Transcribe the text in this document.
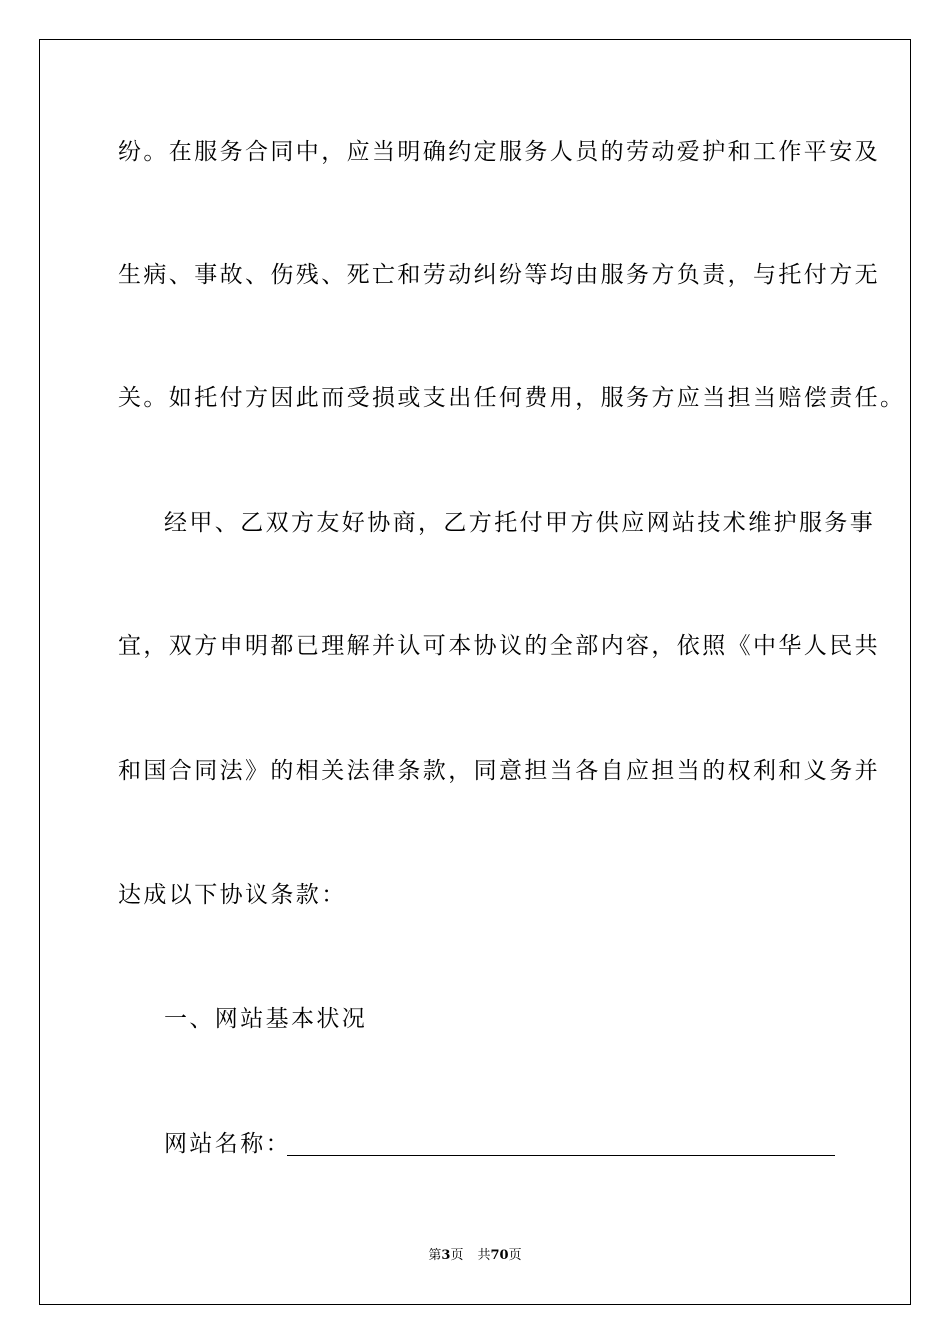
纷。在服务合同中，应当明确约定服务人员的劳动爱护和工作平安及
生病、事故、伤残、死亡和劳动纠纷等均由服务方负责，与托付方无
关。如托付方因此而受损或支出任何费用，服务方应当担当赔偿责任。
经甲、乙双方友好协商，乙方托付甲方供应网站技术维护服务事
宜，双方申明都已理解并认可本协议的全部内容，依照《中华人民共
和国合同法》的相关法律条款，同意担当各自应担当的权利和义务并
达成以下协议条款：
一、网站基本状况
网站名称：
第3页 共70页
